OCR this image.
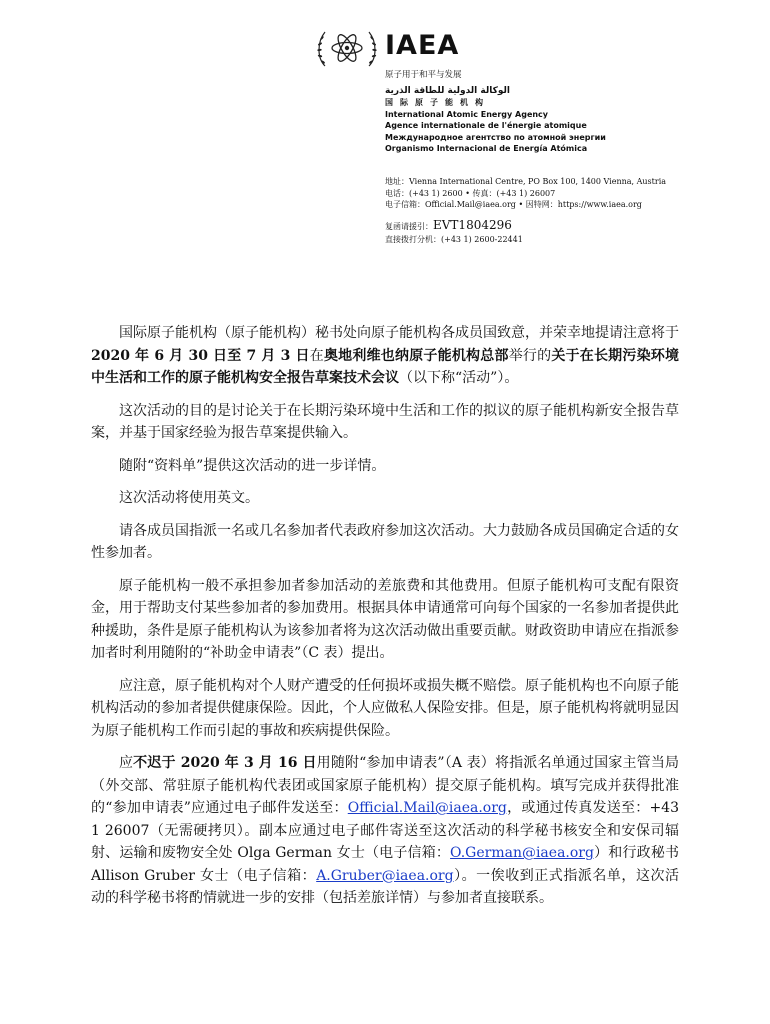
IAEA
原子用于和平与发展
الوكالة الدولية للطاقة الذرية
国际原子能机构
International Atomic Energy Agency
Agence internationale de l'énergie atomique
Международное агентство по атомной энергии
Organismo Internacional de Energía Atómica
地址：Vienna International Centre, PO Box 100, 1400 Vienna, Austria
电话：(+43 1) 2600 • 传真：(+43 1) 26007
电子信箱：Official.Mail@iaea.org • 因特网：https://www.iaea.org
复函请援引：EVT1804296
直接拨打分机：(+43 1) 2600-22441

国际原子能机构（原子能机构）秘书处向原子能机构各成员国致意，并荣幸地提请注意将于2020 年 6 月 30 日至 7 月 3 日在奥地利维也纳原子能机构总部举行的关于在长期污染环境中生活和工作的原子能机构安全报告草案技术会议（以下称“活动”）。

这次活动的目的是讨论关于在长期污染环境中生活和工作的拟议的原子能机构新安全报告草案，并基于国家经验为报告草案提供输入。

随附“资料单”提供这次活动的进一步详情。

这次活动将使用英文。

请各成员国指派一名或几名参加者代表政府参加这次活动。大力鼓励各成员国确定合适的女性参加者。

原子能机构一般不承担参加者参加活动的差旅费和其他费用。但原子能机构可支配有限资金，用于帮助支付某些参加者的参加费用。根据具体申请通常可向每个国家的一名参加者提供此种援助，条件是原子能机构认为该参加者将为这次活动做出重要贡献。财政资助申请应在指派参加者时利用随附的“补助金申请表”（C 表）提出。

应注意，原子能机构对个人财产遭受的任何损坏或损失概不赔偿。原子能机构也不向原子能机构活动的参加者提供健康保险。因此，个人应做私人保险安排。但是，原子能机构将就明显因为原子能机构工作而引起的事故和疾病提供保险。

应不迟于 2020 年 3 月 16 日用随附“参加申请表”（A 表）将指派名单通过国家主管当局（外交部、常驻原子能机构代表团或国家原子能机构）提交原子能机构。填写完成并获得批准的“参加申请表”应通过电子邮件发送至：Official.Mail@iaea.org，或通过传真发送至：+43 1 26007（无需硬拷贝）。副本应通过电子邮件寄送至这次活动的科学秘书核安全和安保司辐射、运输和废物安全处 Olga German 女士（电子信箱：O.German@iaea.org）和行政秘书 Allison Gruber 女士（电子信箱：A.Gruber@iaea.org）。一俟收到正式指派名单，这次活动的科学秘书将酌情就进一步的安排（包括差旅详情）与参加者直接联系。
